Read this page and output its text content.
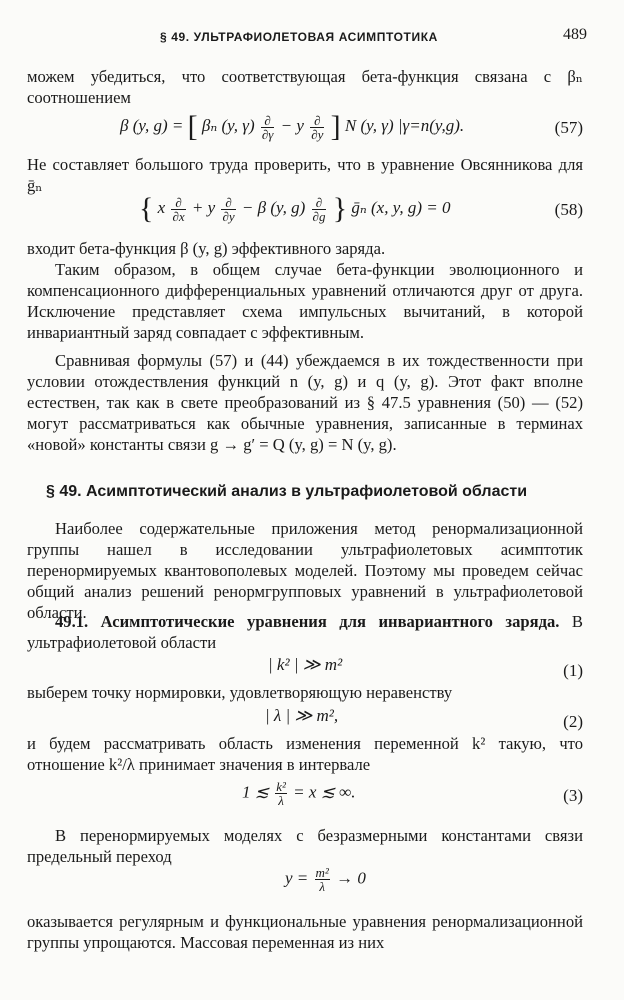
§ 49. УЛЬТРАФИОЛЕТОВАЯ АСИМПТОТИКА	489
можем убедиться, что соответствующая бета-функция связана с βₙ соотношением
β (y, g) = [ βₙ (y, $\gamma) \frac{\partial}{\partial\gamma} - y \frac{\partial}{\partial y}$ ] N (y, γ) |γ=n(y,g).	(57)
Не составляет большого труда проверить, что в уравнение Овсянникова для ḡₙ
{ x $\frac{\partial}{\partial x} + y \frac{\partial}{\partial y} - \beta$ (y, $g) \frac{\partial}{\partial g}$ } ḡₙ (x, y, g) = 0	(58)
входит бета-функция β (y, g) эффективного заряда.
Таким образом, в общем случае бета-функции эволюционного и компенсационного дифференциальных уравнений отличаются друг от друга. Исключение представляет схема импульсных вычитаний, в которой инвариантный заряд совпадает с эффективным.
Сравнивая формулы (57) и (44) убеждаемся в их тождественности при условии отождествления функций n (y, g) и q (y, g). Этот факт вполне естествен, так как в свете преобразований из § 47.5 уравнения (50) — (52) могут рассматриваться как обычные уравнения, записанные в терминах «новой» константы связи g → g′ = Q (y, g) = N (y, g).
§ 49. Асимптотический анализ в ультрафиолетовой области
Наиболее содержательные приложения метод ренормализационной группы нашел в исследовании ультрафиолетовых асимптотик перенормируемых квантовополевых моделей. Поэтому мы проведем сейчас общий анализ решений ренормгрупповых уравнений в ультрафиолетовой области.
49.1. Асимптотические уравнения для инвариантного заряда. В ультрафиолетовой области
| k² | ≫ m²	(1)
выберем точку нормировки, удовлетворяющую неравенству
| λ | ≫ m²,	(2)
и будем рассматривать область изменения переменной k² такую, что отношение k²/λ принимает значения в интервале
1 ≲ $\frac{\text{k²}}{\lambda} = x$ ≲ ∞.	(3)
В перенормируемых моделях с безразмерными константами связи предельный переход
$y = \frac{\text{m²}}{\lambda} \to 0$
оказывается регулярным и функциональные уравнения ренормализационной группы упрощаются. Массовая переменная из них
